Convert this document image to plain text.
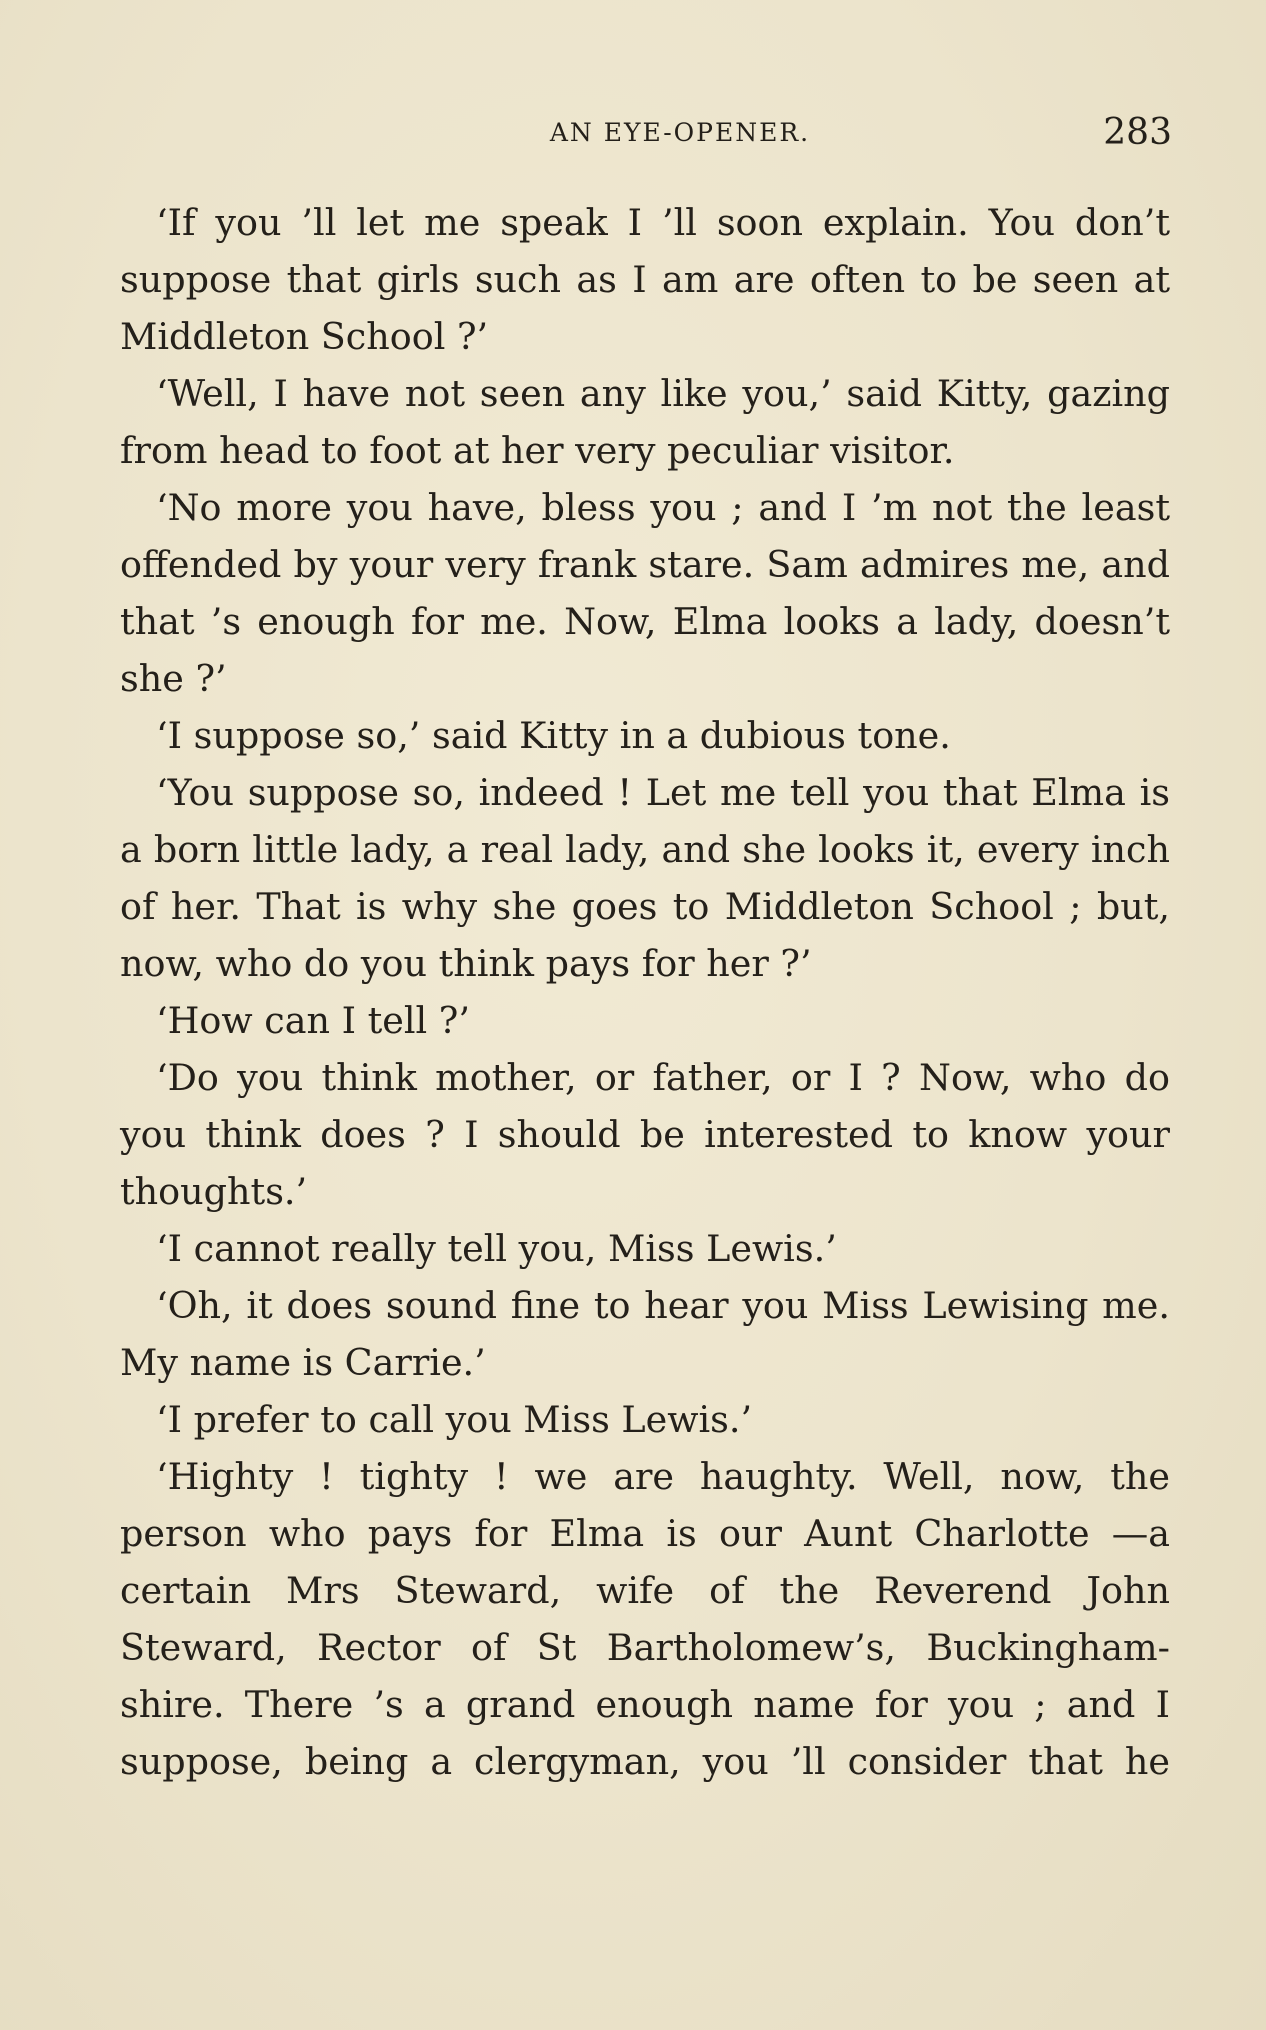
AN EYE-OPENER.	283

‘If you ’ll let me speak I ’ll soon explain. You don’t suppose that girls such as I am are often to be seen at Middleton School ?’

‘Well, I have not seen any like you,’ said Kitty, gazing from head to foot at her very peculiar visitor.

‘No more you have, bless you ; and I ’m not the least offended by your very frank stare. Sam admires me, and that ’s enough for me. Now, Elma looks a lady, doesn’t she ?’

‘I suppose so,’ said Kitty in a dubious tone.

‘You suppose so, indeed ! Let me tell you that Elma is a born little lady, a real lady, and she looks it, every inch of her. That is why she goes to Middleton School ; but, now, who do you think pays for her ?’

‘How can I tell ?’

‘Do you think mother, or father, or I ? Now, who do you think does ? I should be interested to know your thoughts.’

‘I cannot really tell you, Miss Lewis.’

‘Oh, it does sound fine to hear you Miss Lewising me. My name is Carrie.’

‘I prefer to call you Miss Lewis.’

‘Highty ! tighty ! we are haughty. Well, now, the person who pays for Elma is our Aunt Charlotte —a certain Mrs Steward, wife of the Reverend John Steward, Rector of St Bartholomew’s, Buckingham-shire. There ’s a grand enough name for you ; and I suppose, being a clergyman, you ’ll consider that he
